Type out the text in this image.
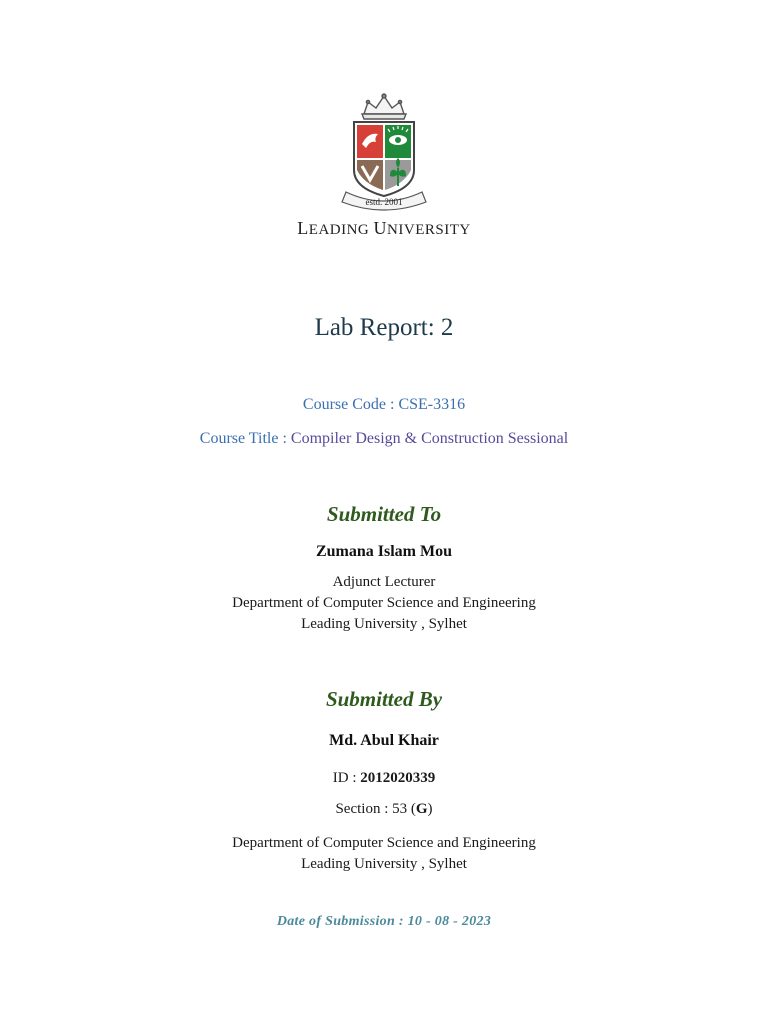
estd. 2001
LEADING UNIVERSITY
Lab Report: 2
Course Code : CSE-3316
Course Title : Compiler Design & Construction Sessional
Submitted To
Zumana Islam Mou
Adjunct Lecturer
Department of Computer Science and Engineering
Leading University , Sylhet
Submitted By
Md. Abul Khair
ID : 2012020339
Section : 53 (G)
Department of Computer Science and Engineering
Leading University , Sylhet
Date of Submission : 10 - 08 - 2023
